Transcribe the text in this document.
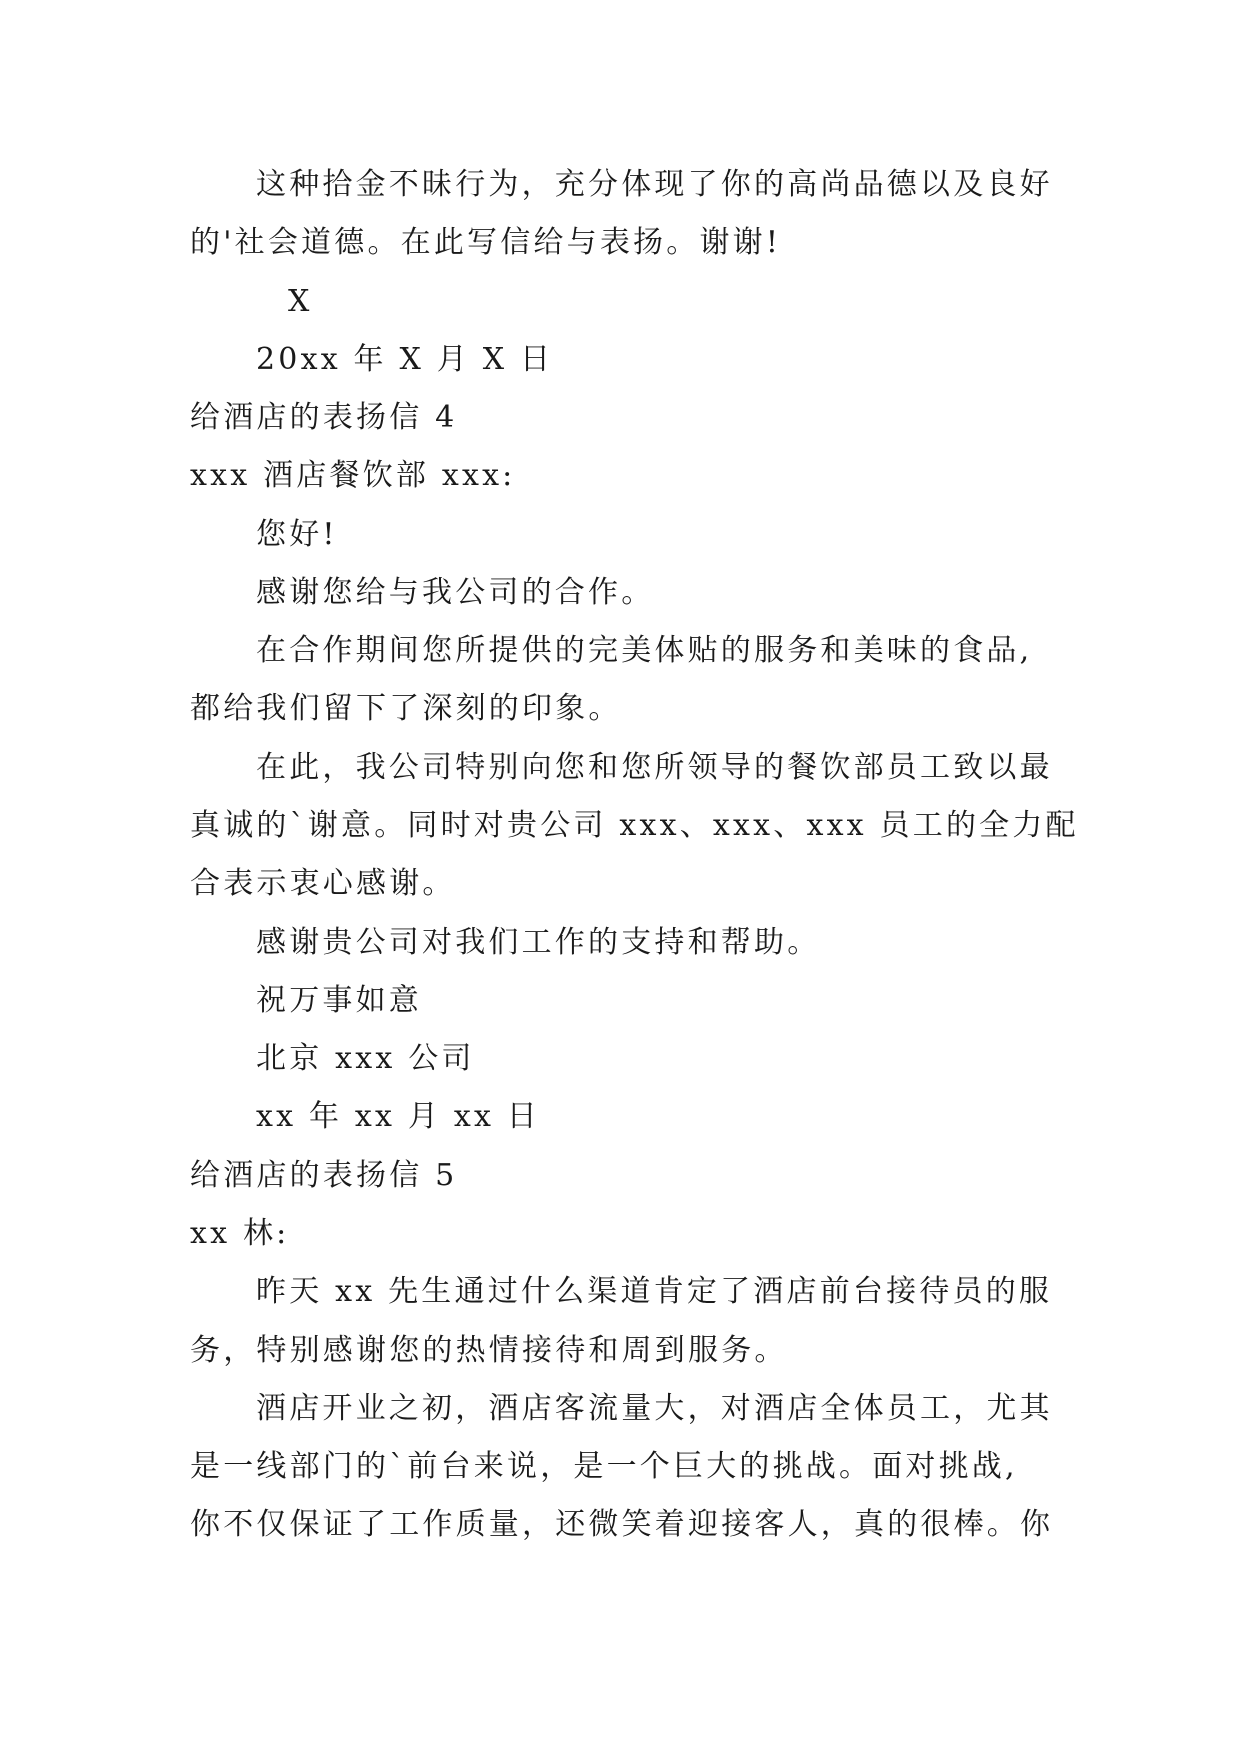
这种拾金不昧行为，充分体现了你的高尚品德以及良好
的'社会道德。在此写信给与表扬。谢谢!
X
20xx 年 X 月 X 日
给酒店的表扬信 4
xxx 酒店餐饮部 xxx:
您好!
感谢您给与我公司的合作。
在合作期间您所提供的完美体贴的服务和美味的食品,
都给我们留下了深刻的印象。
在此，我公司特别向您和您所领导的餐饮部员工致以最
真诚的`谢意。同时对贵公司 xxx、xxx、xxx 员工的全力配
合表示衷心感谢。
感谢贵公司对我们工作的支持和帮助。
祝万事如意
北京 xxx 公司
xx 年 xx 月 xx 日
给酒店的表扬信 5
xx 林:
昨天 xx 先生通过什么渠道肯定了酒店前台接待员的服
务，特别感谢您的热情接待和周到服务。
酒店开业之初，酒店客流量大，对酒店全体员工，尤其
是一线部门的`前台来说，是一个巨大的挑战。面对挑战,
你不仅保证了工作质量，还微笑着迎接客人，真的很棒。你
